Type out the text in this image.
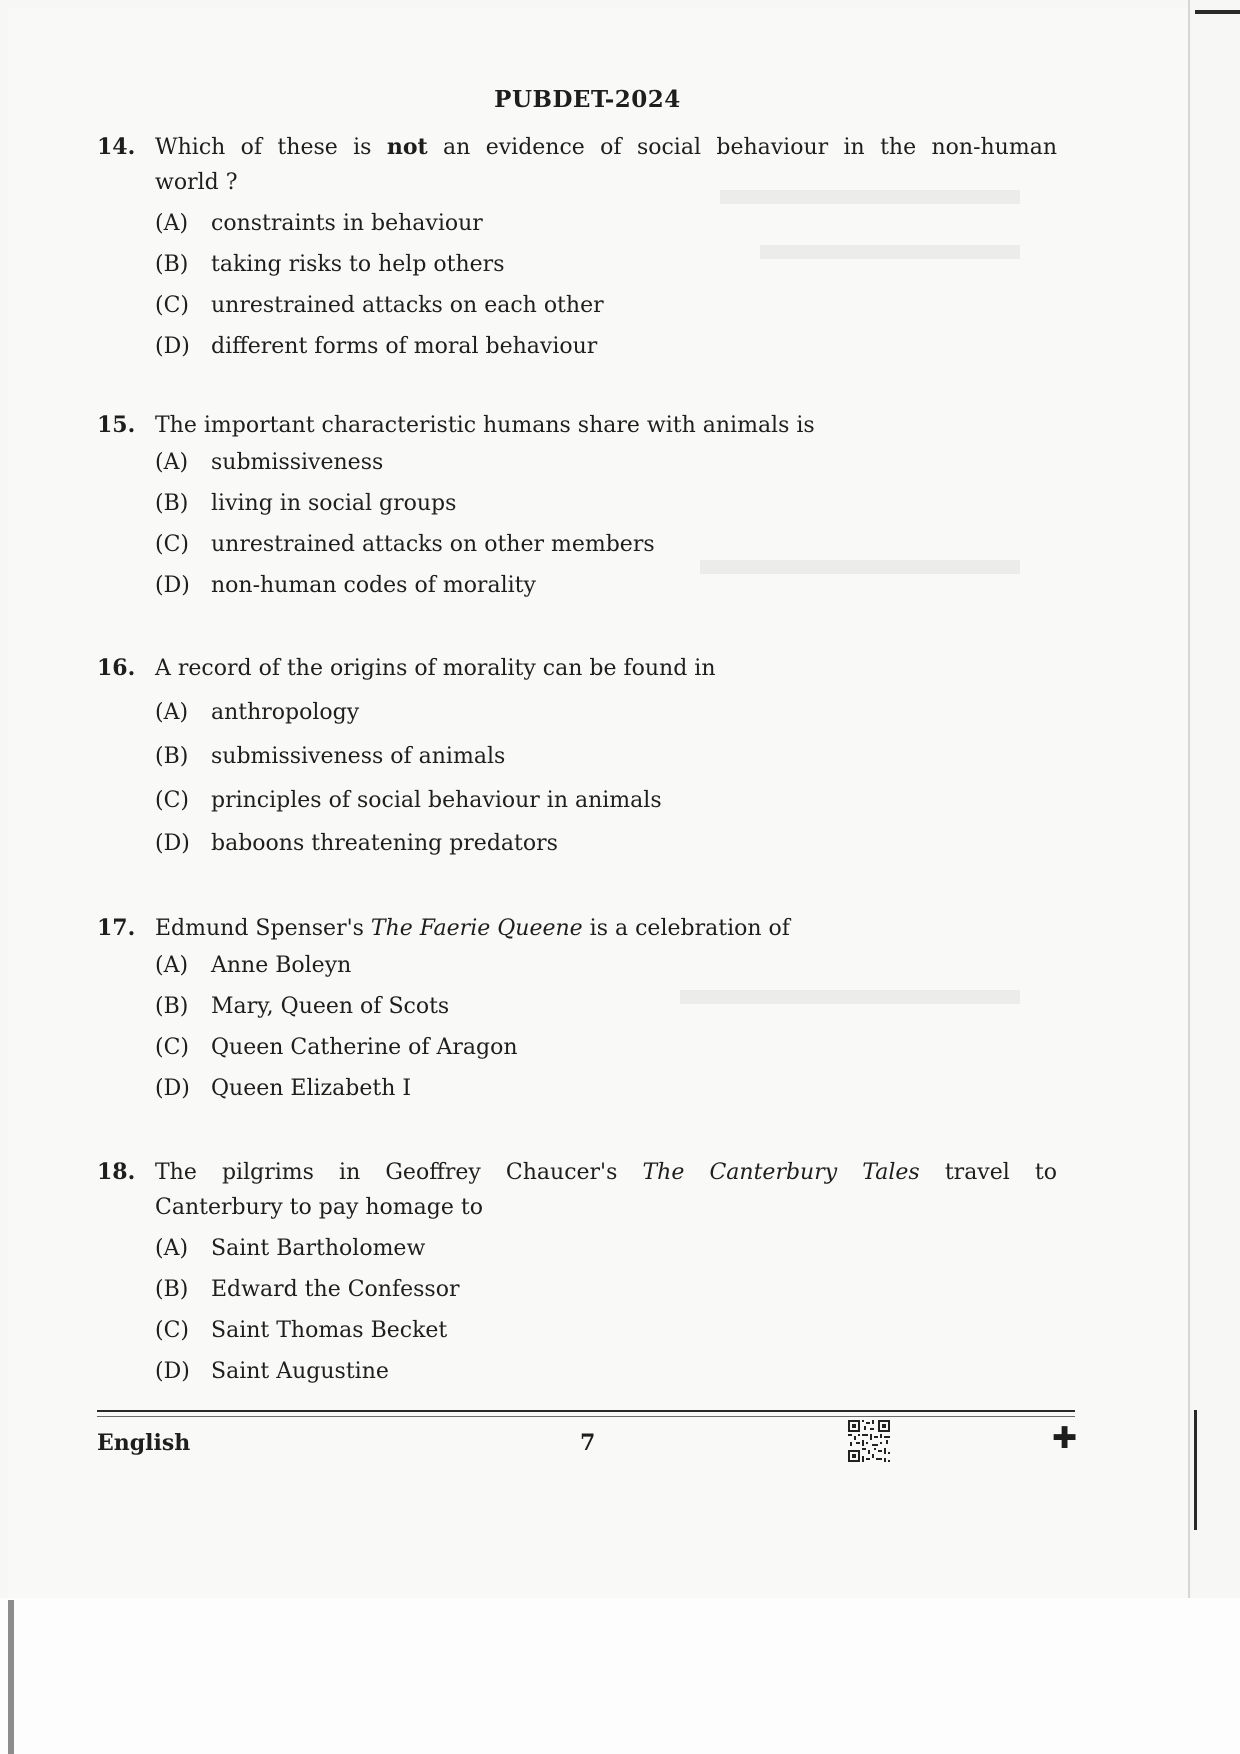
PUBDET-2024
14. Which of these is not an evidence of social behaviour in the non-human
world ?
(A)	constraints in behaviour
(B)	taking risks to help others
(C)	unrestrained attacks on each other
(D) different forms of moral behaviour
15. The important characteristic humans share with animals is
(A)	submissiveness
(B)	living in social groups
(C)	unrestrained attacks on other members
(D) non-human codes of morality
16. A record of the origins of morality can be found in
(A)	anthropology
(B)	submissiveness of animals
(C)	principles of social behaviour in animals
(D) baboons threatening predators
17. Edmund Spenser's The Faerie Queene is a celebration of
(A)	Anne Boleyn
(B)	Mary, Queen of Scots
(C)	Queen Catherine of Aragon
(D) Queen Elizabeth I
18. The pilgrims in Geoffrey Chaucer's The Canterbury Tales travel to
Canterbury to pay homage to
(A)	Saint Bartholomew
(B)	Edward the Confessor
(C)	Saint Thomas Becket
(D) Saint Augustine
English	7	✚
